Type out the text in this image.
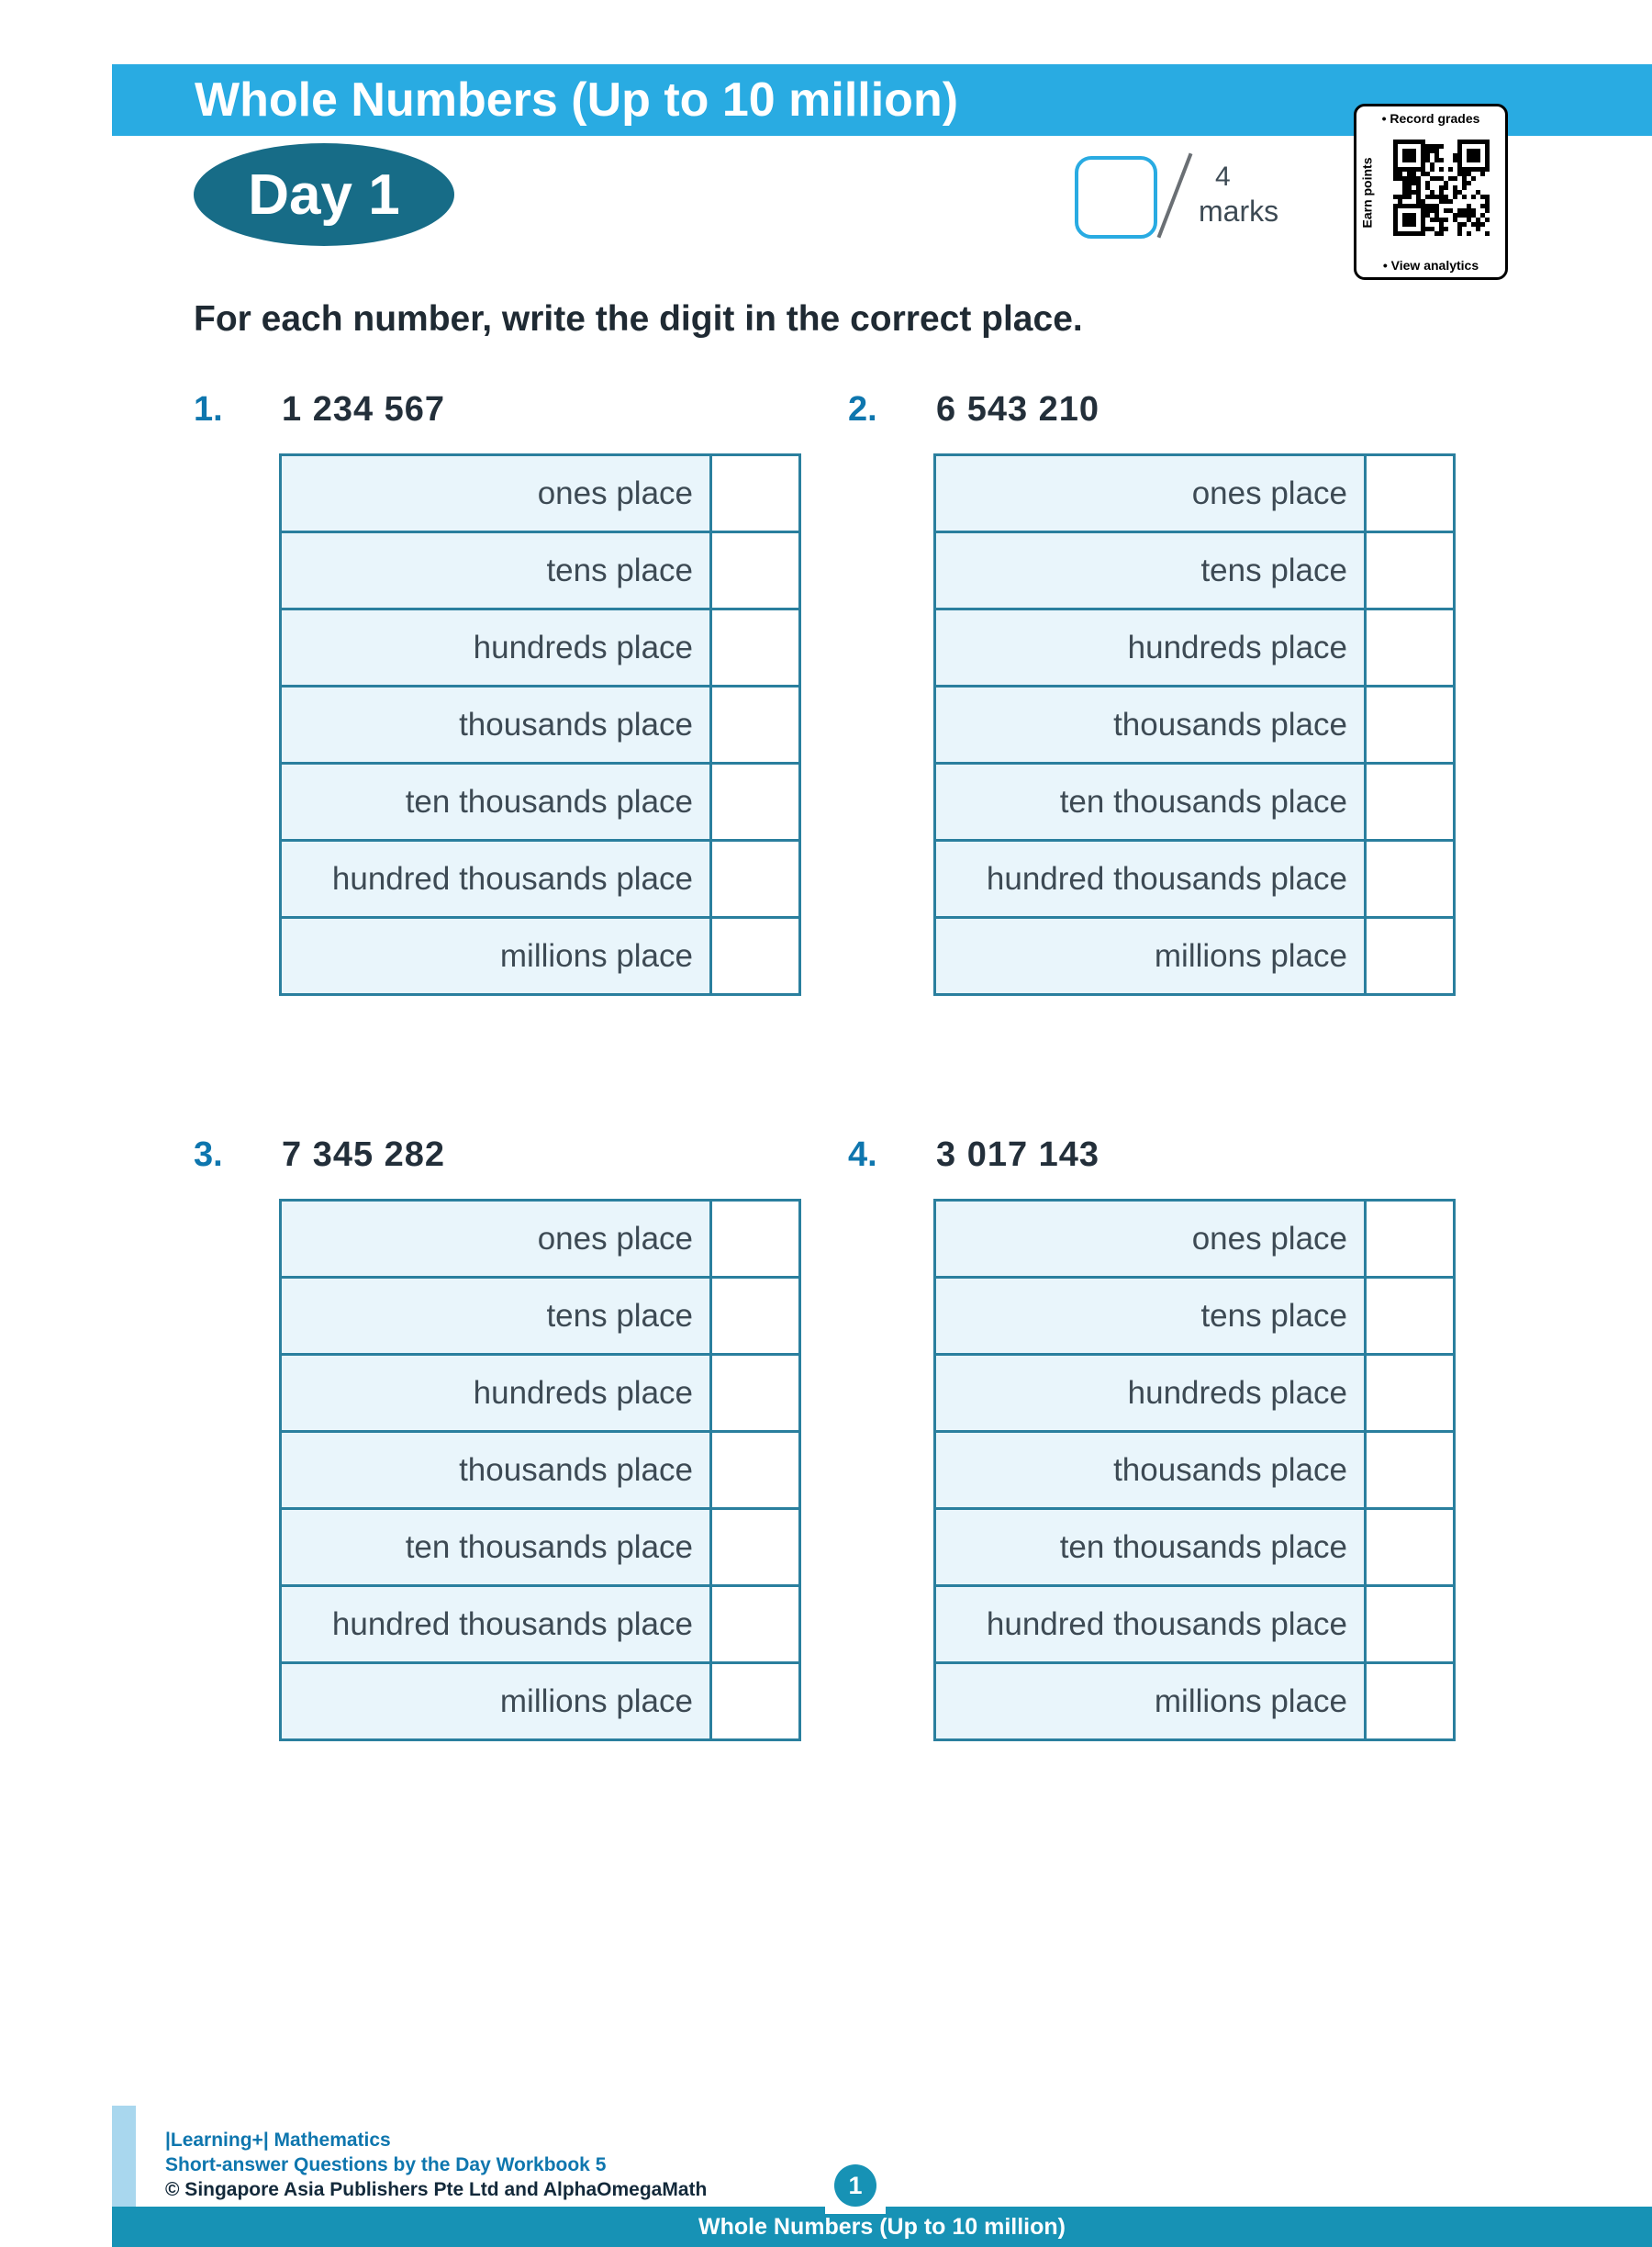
Whole Numbers (Up to 10 million)
Day 1	4
marks
• Record grades
Earn points
• View analytics
For each number, write the digit in the correct place.
1.	1 234 567
ones place
tens place
hundreds place
thousands place
ten thousands place
hundred thousands place
millions place
2.	6 543 210
ones place
tens place
hundreds place
thousands place
ten thousands place
hundred thousands place
millions place
3.	7 345 282
ones place
tens place
hundreds place
thousands place
ten thousands place
hundred thousands place
millions place
4.	3 017 143
ones place
tens place
hundreds place
thousands place
ten thousands place
hundred thousands place
millions place
|Learning+| Mathematics
Short-answer Questions by the Day Workbook 5
© Singapore Asia Publishers Pte Ltd and AlphaOmegaMath
Whole Numbers (Up to 10 million)
1
